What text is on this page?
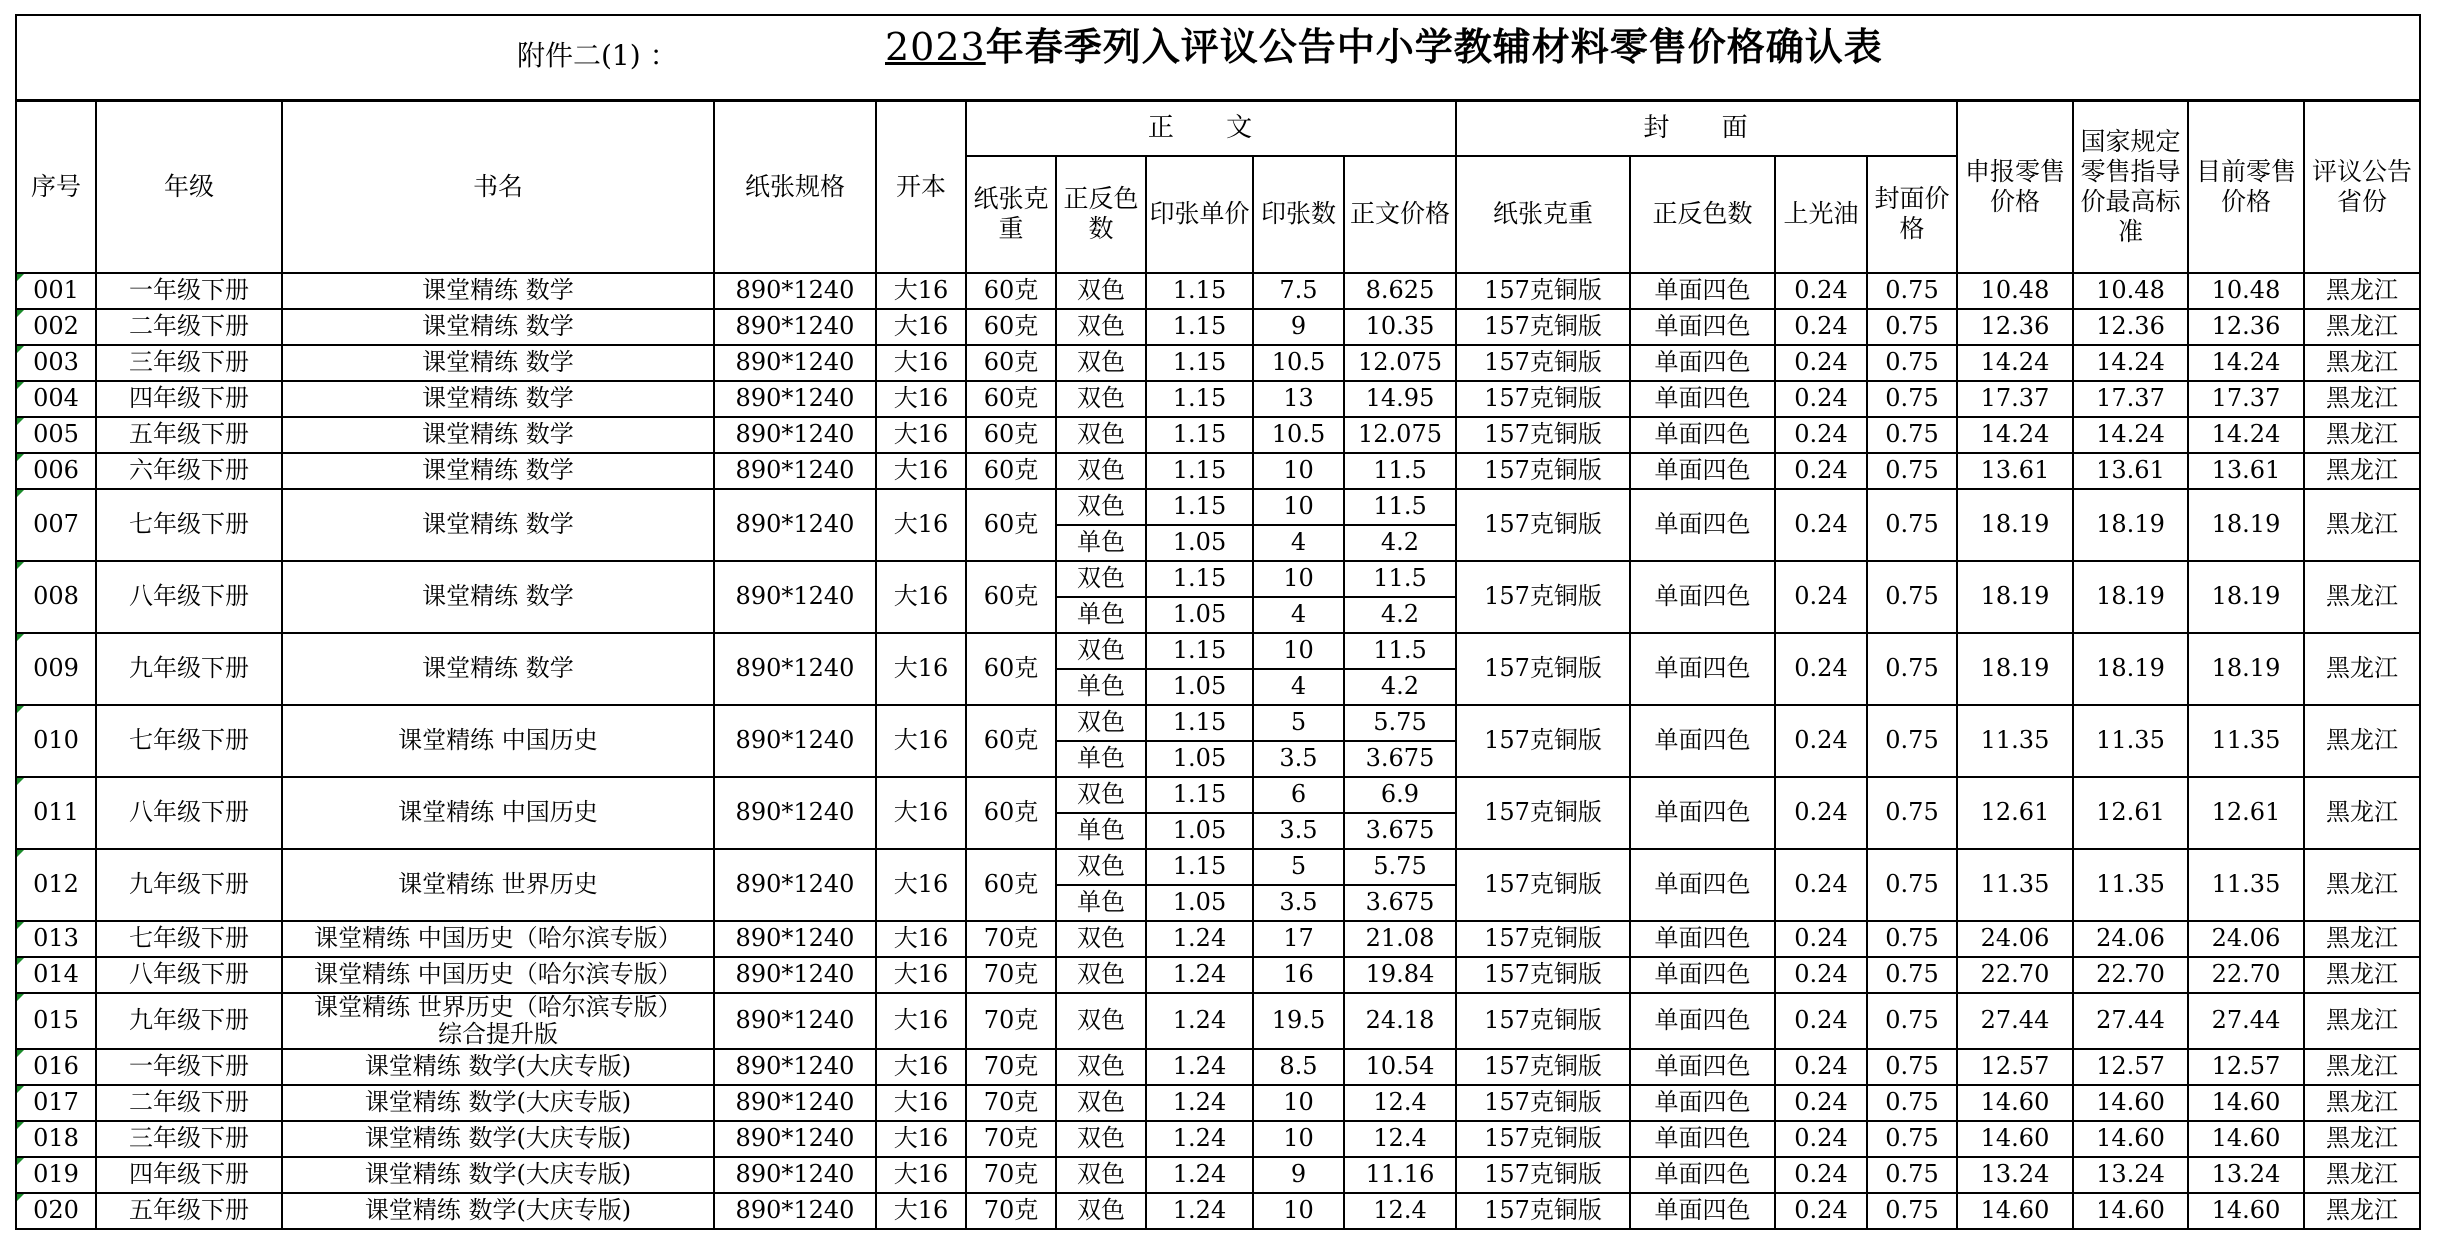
附件二(1) ： 2023年春季列入评议公告中小学教辅材料零售价格确认表																	

序号	年级	书名	纸张规格	开本	正 文					封 面				申报零售价格	国家规定零售指导价最高标准	目前零售价格	评议公告省份
					纸张克重	正反色数	印张单价	印张数	正文价格	纸张克重	正反色数	上光油	封面价格				
001	一年级下册	课堂精练 数学	890*1240	大16	60克	双色	1.15	7.5	8.625	157克铜版	单面四色	0.24	0.75	10.48	10.48	10.48	黑龙江
002	二年级下册	课堂精练 数学	890*1240	大16	60克	双色	1.15	9	10.35	157克铜版	单面四色	0.24	0.75	12.36	12.36	12.36	黑龙江
003	三年级下册	课堂精练 数学	890*1240	大16	60克	双色	1.15	10.5	12.075	157克铜版	单面四色	0.24	0.75	14.24	14.24	14.24	黑龙江
004	四年级下册	课堂精练 数学	890*1240	大16	60克	双色	1.15	13	14.95	157克铜版	单面四色	0.24	0.75	17.37	17.37	17.37	黑龙江
005	五年级下册	课堂精练 数学	890*1240	大16	60克	双色	1.15	10.5	12.075	157克铜版	单面四色	0.24	0.75	14.24	14.24	14.24	黑龙江
006	六年级下册	课堂精练 数学	890*1240	大16	60克	双色	1.15	10	11.5	157克铜版	单面四色	0.24	0.75	13.61	13.61	13.61	黑龙江
007	七年级下册	课堂精练 数学	890*1240	大16	60克	双色	1.15	10	11.5	157克铜版	单面四色	0.24	0.75	18.19	18.19	18.19	黑龙江
						单色	1.05	4	4.2								
008	八年级下册	课堂精练 数学	890*1240	大16	60克	双色	1.15	10	11.5	157克铜版	单面四色	0.24	0.75	18.19	18.19	18.19	黑龙江
						单色	1.05	4	4.2								
009	九年级下册	课堂精练 数学	890*1240	大16	60克	双色	1.15	10	11.5	157克铜版	单面四色	0.24	0.75	18.19	18.19	18.19	黑龙江
						单色	1.05	4	4.2								
010	七年级下册	课堂精练 中国历史	890*1240	大16	60克	双色	1.15	5	5.75	157克铜版	单面四色	0.24	0.75	11.35	11.35	11.35	黑龙江
						单色	1.05	3.5	3.675								
011	八年级下册	课堂精练 中国历史	890*1240	大16	60克	双色	1.15	6	6.9	157克铜版	单面四色	0.24	0.75	12.61	12.61	12.61	黑龙江
						单色	1.05	3.5	3.675								
012	九年级下册	课堂精练 世界历史	890*1240	大16	60克	双色	1.15	5	5.75	157克铜版	单面四色	0.24	0.75	11.35	11.35	11.35	黑龙江
						单色	1.05	3.5	3.675								
013	七年级下册	课堂精练 中国历史（哈尔滨专版）	890*1240	大16	70克	双色	1.24	17	21.08	157克铜版	单面四色	0.24	0.75	24.06	24.06	24.06	黑龙江
014	八年级下册	课堂精练 中国历史（哈尔滨专版）	890*1240	大16	70克	双色	1.24	16	19.84	157克铜版	单面四色	0.24	0.75	22.70	22.70	22.70	黑龙江
015	九年级下册	课堂精练 世界历史（哈尔滨专版）
综合提升版	890*1240	大16	70克	双色	1.24	19.5	24.18	157克铜版	单面四色	0.24	0.75	27.44	27.44	27.44	黑龙江
016	一年级下册	课堂精练 数学(大庆专版)	890*1240	大16	70克	双色	1.24	8.5	10.54	157克铜版	单面四色	0.24	0.75	12.57	12.57	12.57	黑龙江
017	二年级下册	课堂精练 数学(大庆专版)	890*1240	大16	70克	双色	1.24	10	12.4	157克铜版	单面四色	0.24	0.75	14.60	14.60	14.60	黑龙江
018	三年级下册	课堂精练 数学(大庆专版)	890*1240	大16	70克	双色	1.24	10	12.4	157克铜版	单面四色	0.24	0.75	14.60	14.60	14.60	黑龙江
019	四年级下册	课堂精练 数学(大庆专版)	890*1240	大16	70克	双色	1.24	9	11.16	157克铜版	单面四色	0.24	0.75	13.24	13.24	13.24	黑龙江
020	五年级下册	课堂精练 数学(大庆专版)	890*1240	大16	70克	双色	1.24	10	12.4	157克铜版	单面四色	0.24	0.75	14.60	14.60	14.60	黑龙江
